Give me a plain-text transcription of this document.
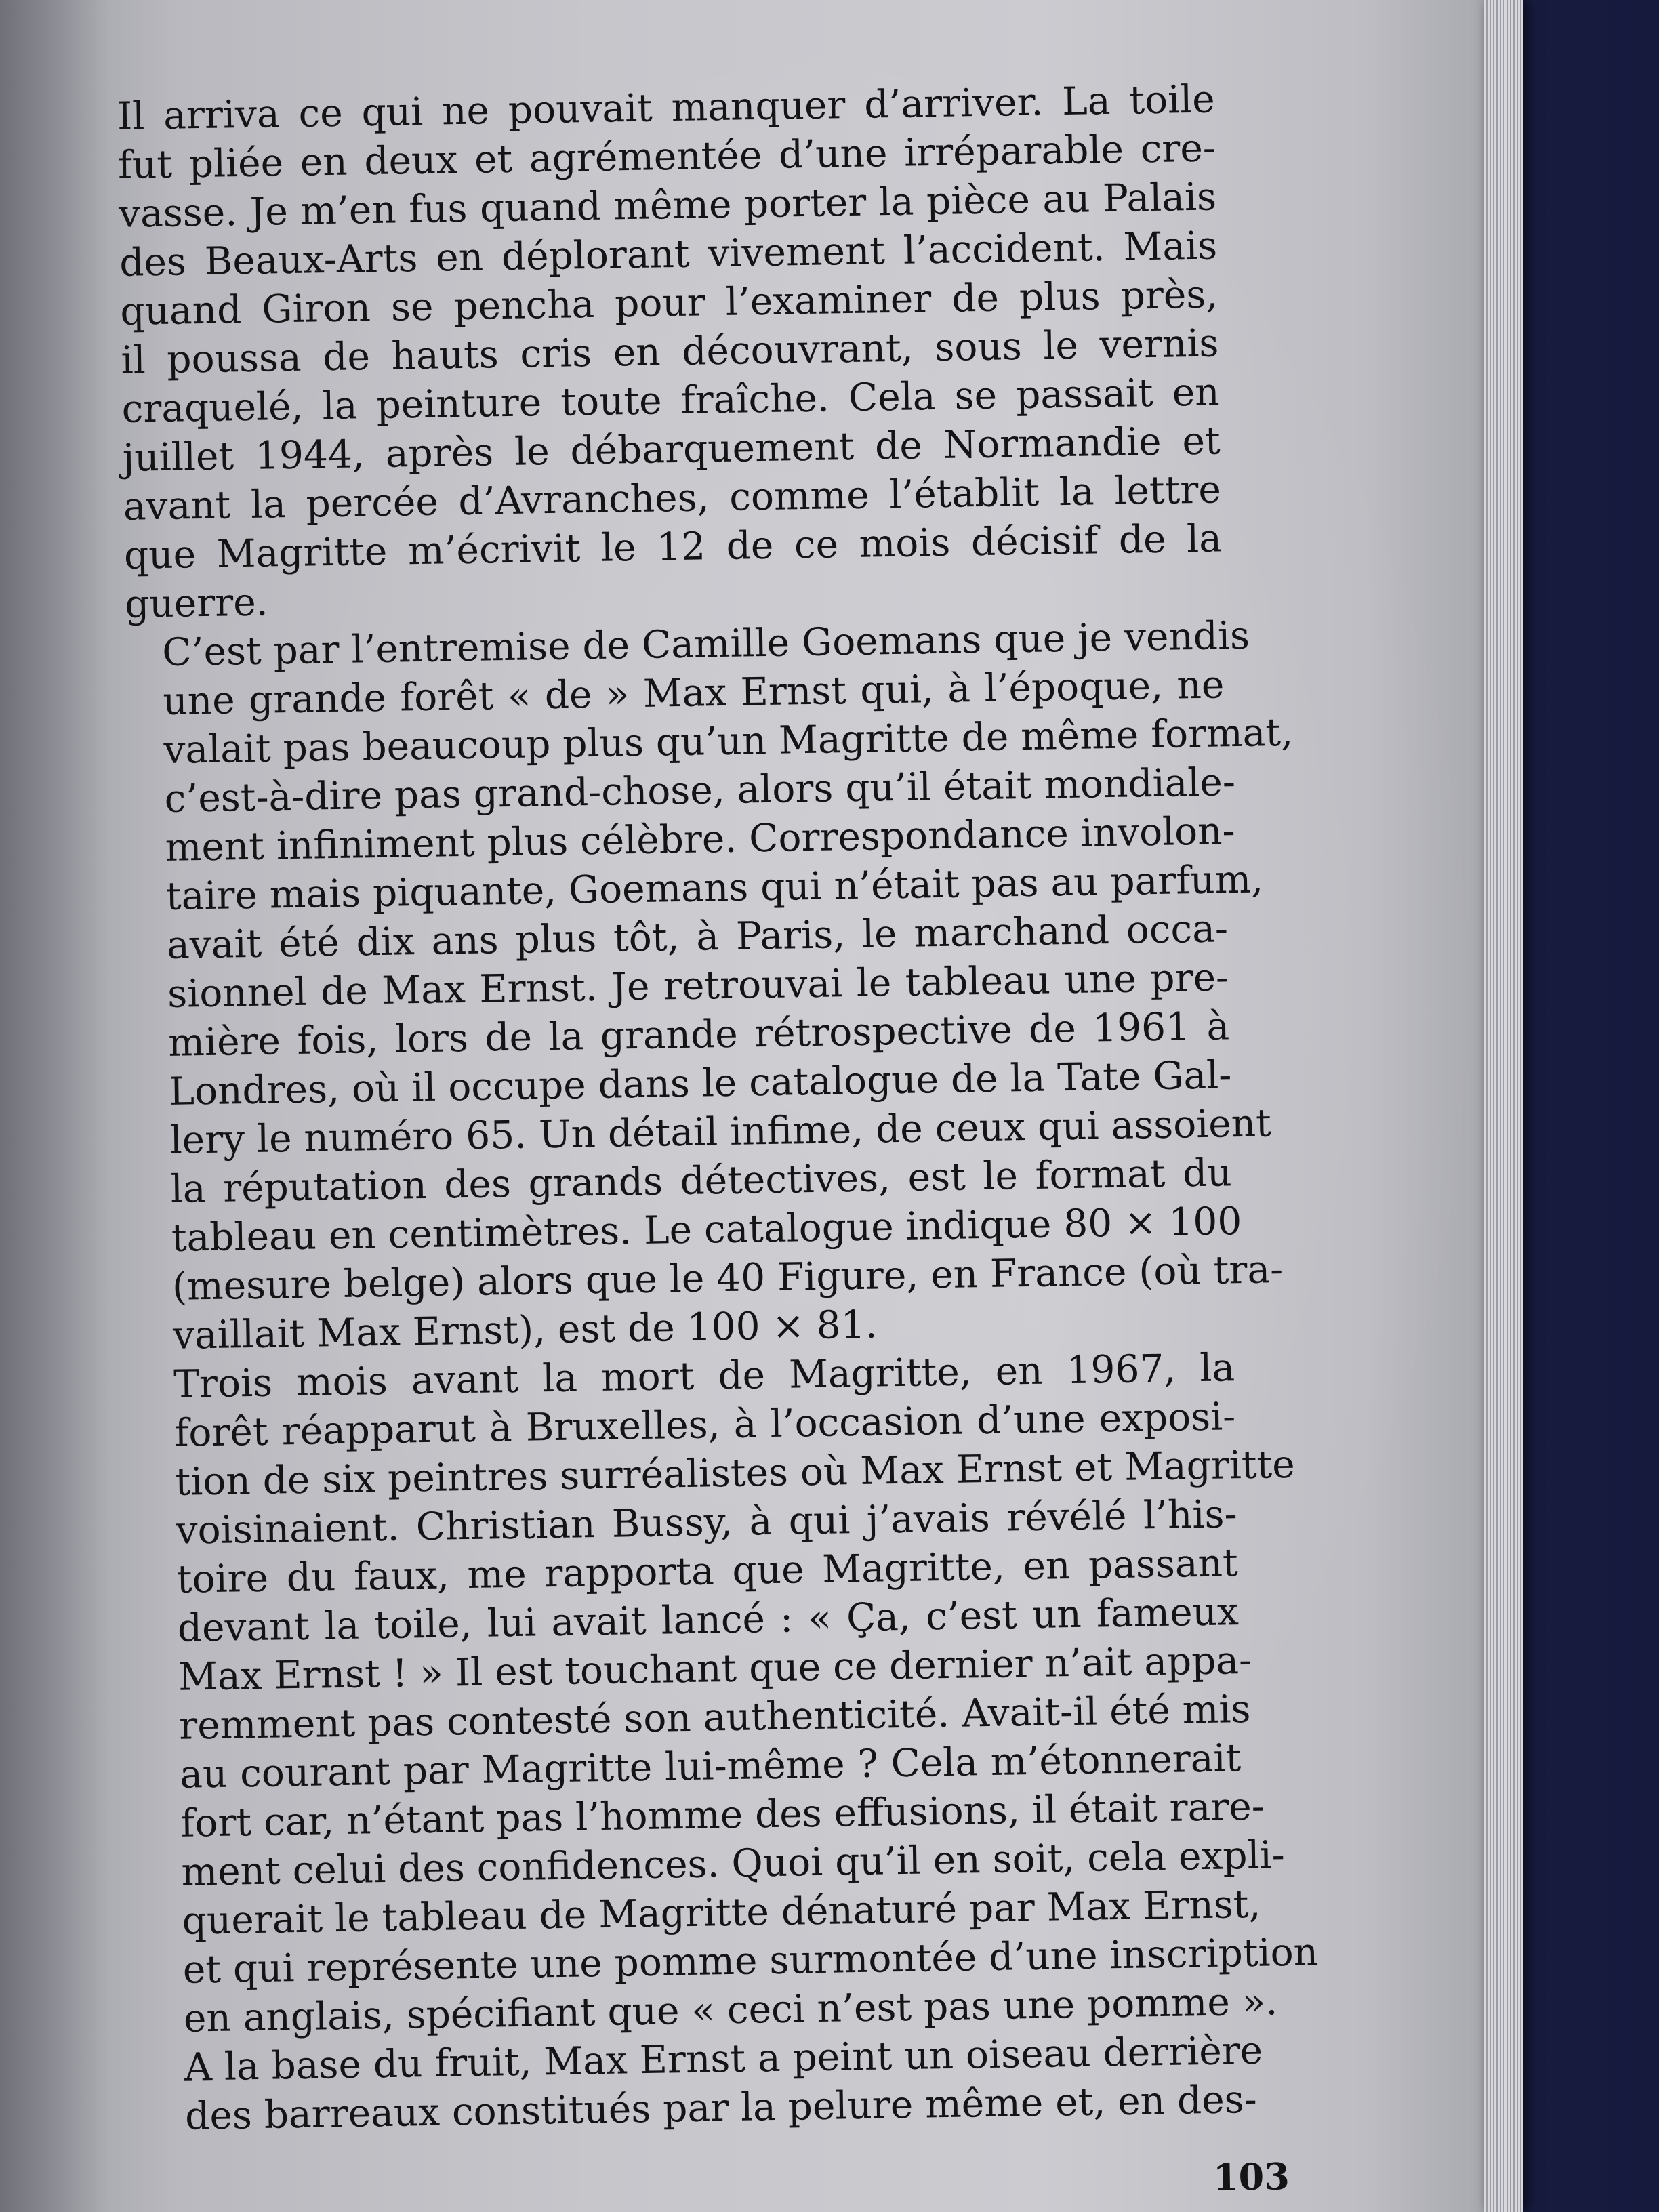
Il arriva ce qui ne pouvait manquer d’arriver. La toile
fut pliée en deux et agrémentée d’une irréparable cre-
vasse. Je m’en fus quand même porter la pièce au Palais
des Beaux-Arts en déplorant vivement l’accident. Mais
quand Giron se pencha pour l’examiner de plus près,
il poussa de hauts cris en découvrant, sous le vernis
craquelé, la peinture toute fraîche. Cela se passait en
juillet 1944, après le débarquement de Normandie et
avant la percée d’Avranches, comme l’établit la lettre
que Magritte m’écrivit le 12 de ce mois décisif de la
guerre.

C’est par l’entremise de Camille Goemans que je vendis
une grande forêt « de » Max Ernst qui, à l’époque, ne
valait pas beaucoup plus qu’un Magritte de même format,
c’est-à-dire pas grand-chose, alors qu’il était mondiale-
ment infiniment plus célèbre. Correspondance involon-
taire mais piquante, Goemans qui n’était pas au parfum,
avait été dix ans plus tôt, à Paris, le marchand occa-
sionnel de Max Ernst. Je retrouvai le tableau une pre-
mière fois, lors de la grande rétrospective de 1961 à
Londres, où il occupe dans le catalogue de la Tate Gal-
lery le numéro 65. Un détail infime, de ceux qui assoient
la réputation des grands détectives, est le format du
tableau en centimètres. Le catalogue indique 80 × 100
(mesure belge) alors que le 40 Figure, en France (où tra-
vaillait Max Ernst), est de 100 × 81.

Trois mois avant la mort de Magritte, en 1967, la
forêt réapparut à Bruxelles, à l’occasion d’une exposi-
tion de six peintres surréalistes où Max Ernst et Magritte
voisinaient. Christian Bussy, à qui j’avais révélé l’his-
toire du faux, me rapporta que Magritte, en passant
devant la toile, lui avait lancé : « Ça, c’est un fameux
Max Ernst ! » Il est touchant que ce dernier n’ait appa-
remment pas contesté son authenticité. Avait-il été mis
au courant par Magritte lui-même ? Cela m’étonnerait
fort car, n’étant pas l’homme des effusions, il était rare-
ment celui des confidences. Quoi qu’il en soit, cela expli-
querait le tableau de Magritte dénaturé par Max Ernst,
et qui représente une pomme surmontée d’une inscription
en anglais, spécifiant que « ceci n’est pas une pomme ».
A la base du fruit, Max Ernst a peint un oiseau derrière
des barreaux constitués par la pelure même et, en des-

103
